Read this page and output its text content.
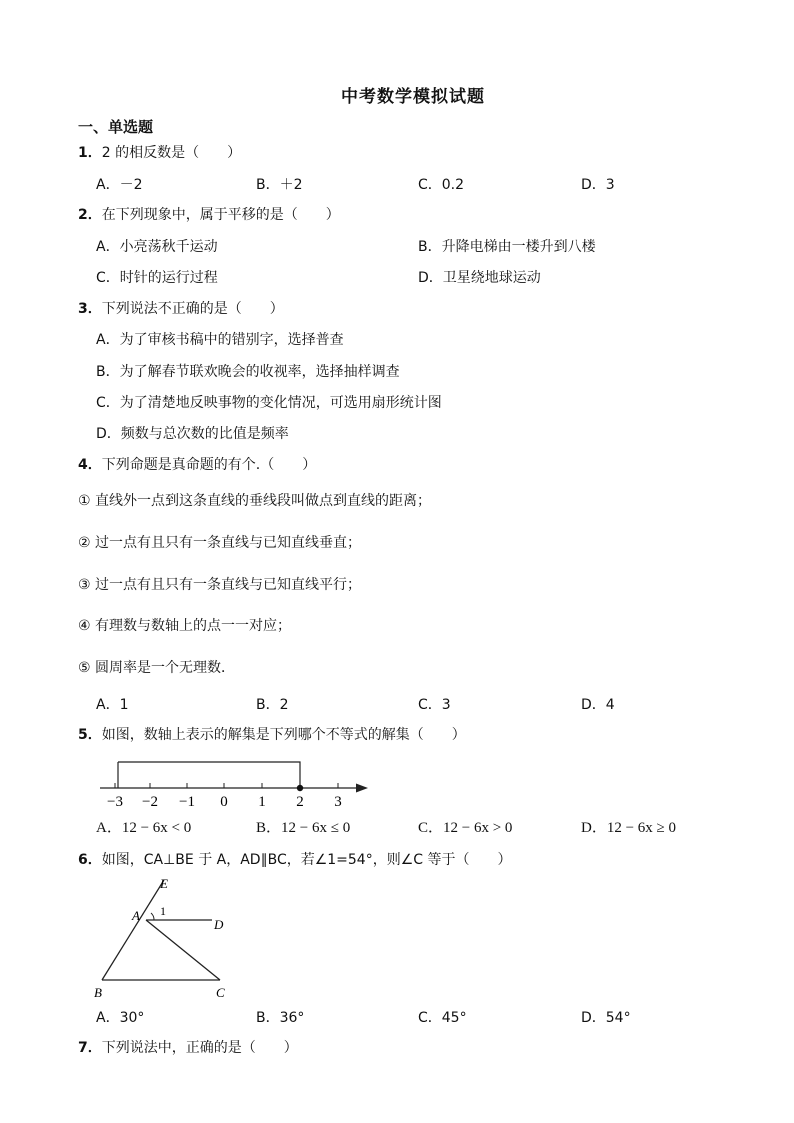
中考数学模拟试题
一、单选题
1．2 的相反数是（　　）
A．－2	B．＋2	C．0.2	D．3
2．在下列现象中，属于平移的是（　　）
A．小亮荡秋千运动	B．升降电梯由一楼升到八楼
C．时针的运行过程	D．卫星绕地球运动
3．下列说法不正确的是（　　）
A．为了审核书稿中的错别字，选择普查
B．为了解春节联欢晚会的收视率，选择抽样调查
C．为了清楚地反映事物的变化情况，可选用扇形统计图
D．频数与总次数的比值是频率
4．下列命题是真命题的有个.（　　）
① 直线外一点到这条直线的垂线段叫做点到直线的距离；
② 过一点有且只有一条直线与已知直线垂直；
③ 过一点有且只有一条直线与已知直线平行；
④ 有理数与数轴上的点一一对应；
⑤ 圆周率是一个无理数．
A．1	B．2	C．3	D．4
5．如图，数轴上表示的解集是下列哪个不等式的解集（　　）
−3 −2 −1 0 1 2 3
A．12 − 6x < 0	B．12 − 6x ≤ 0	C．12 − 6x > 0	D．12 − 6x ≥ 0
6．如图，CA⊥BE 于 A，AD∥BC，若∠1=54°，则∠C 等于（　　）
E
A 1
D
B	C
A．30°	B．36°	C．45°	D．54°
7．下列说法中，正确的是（　　）
